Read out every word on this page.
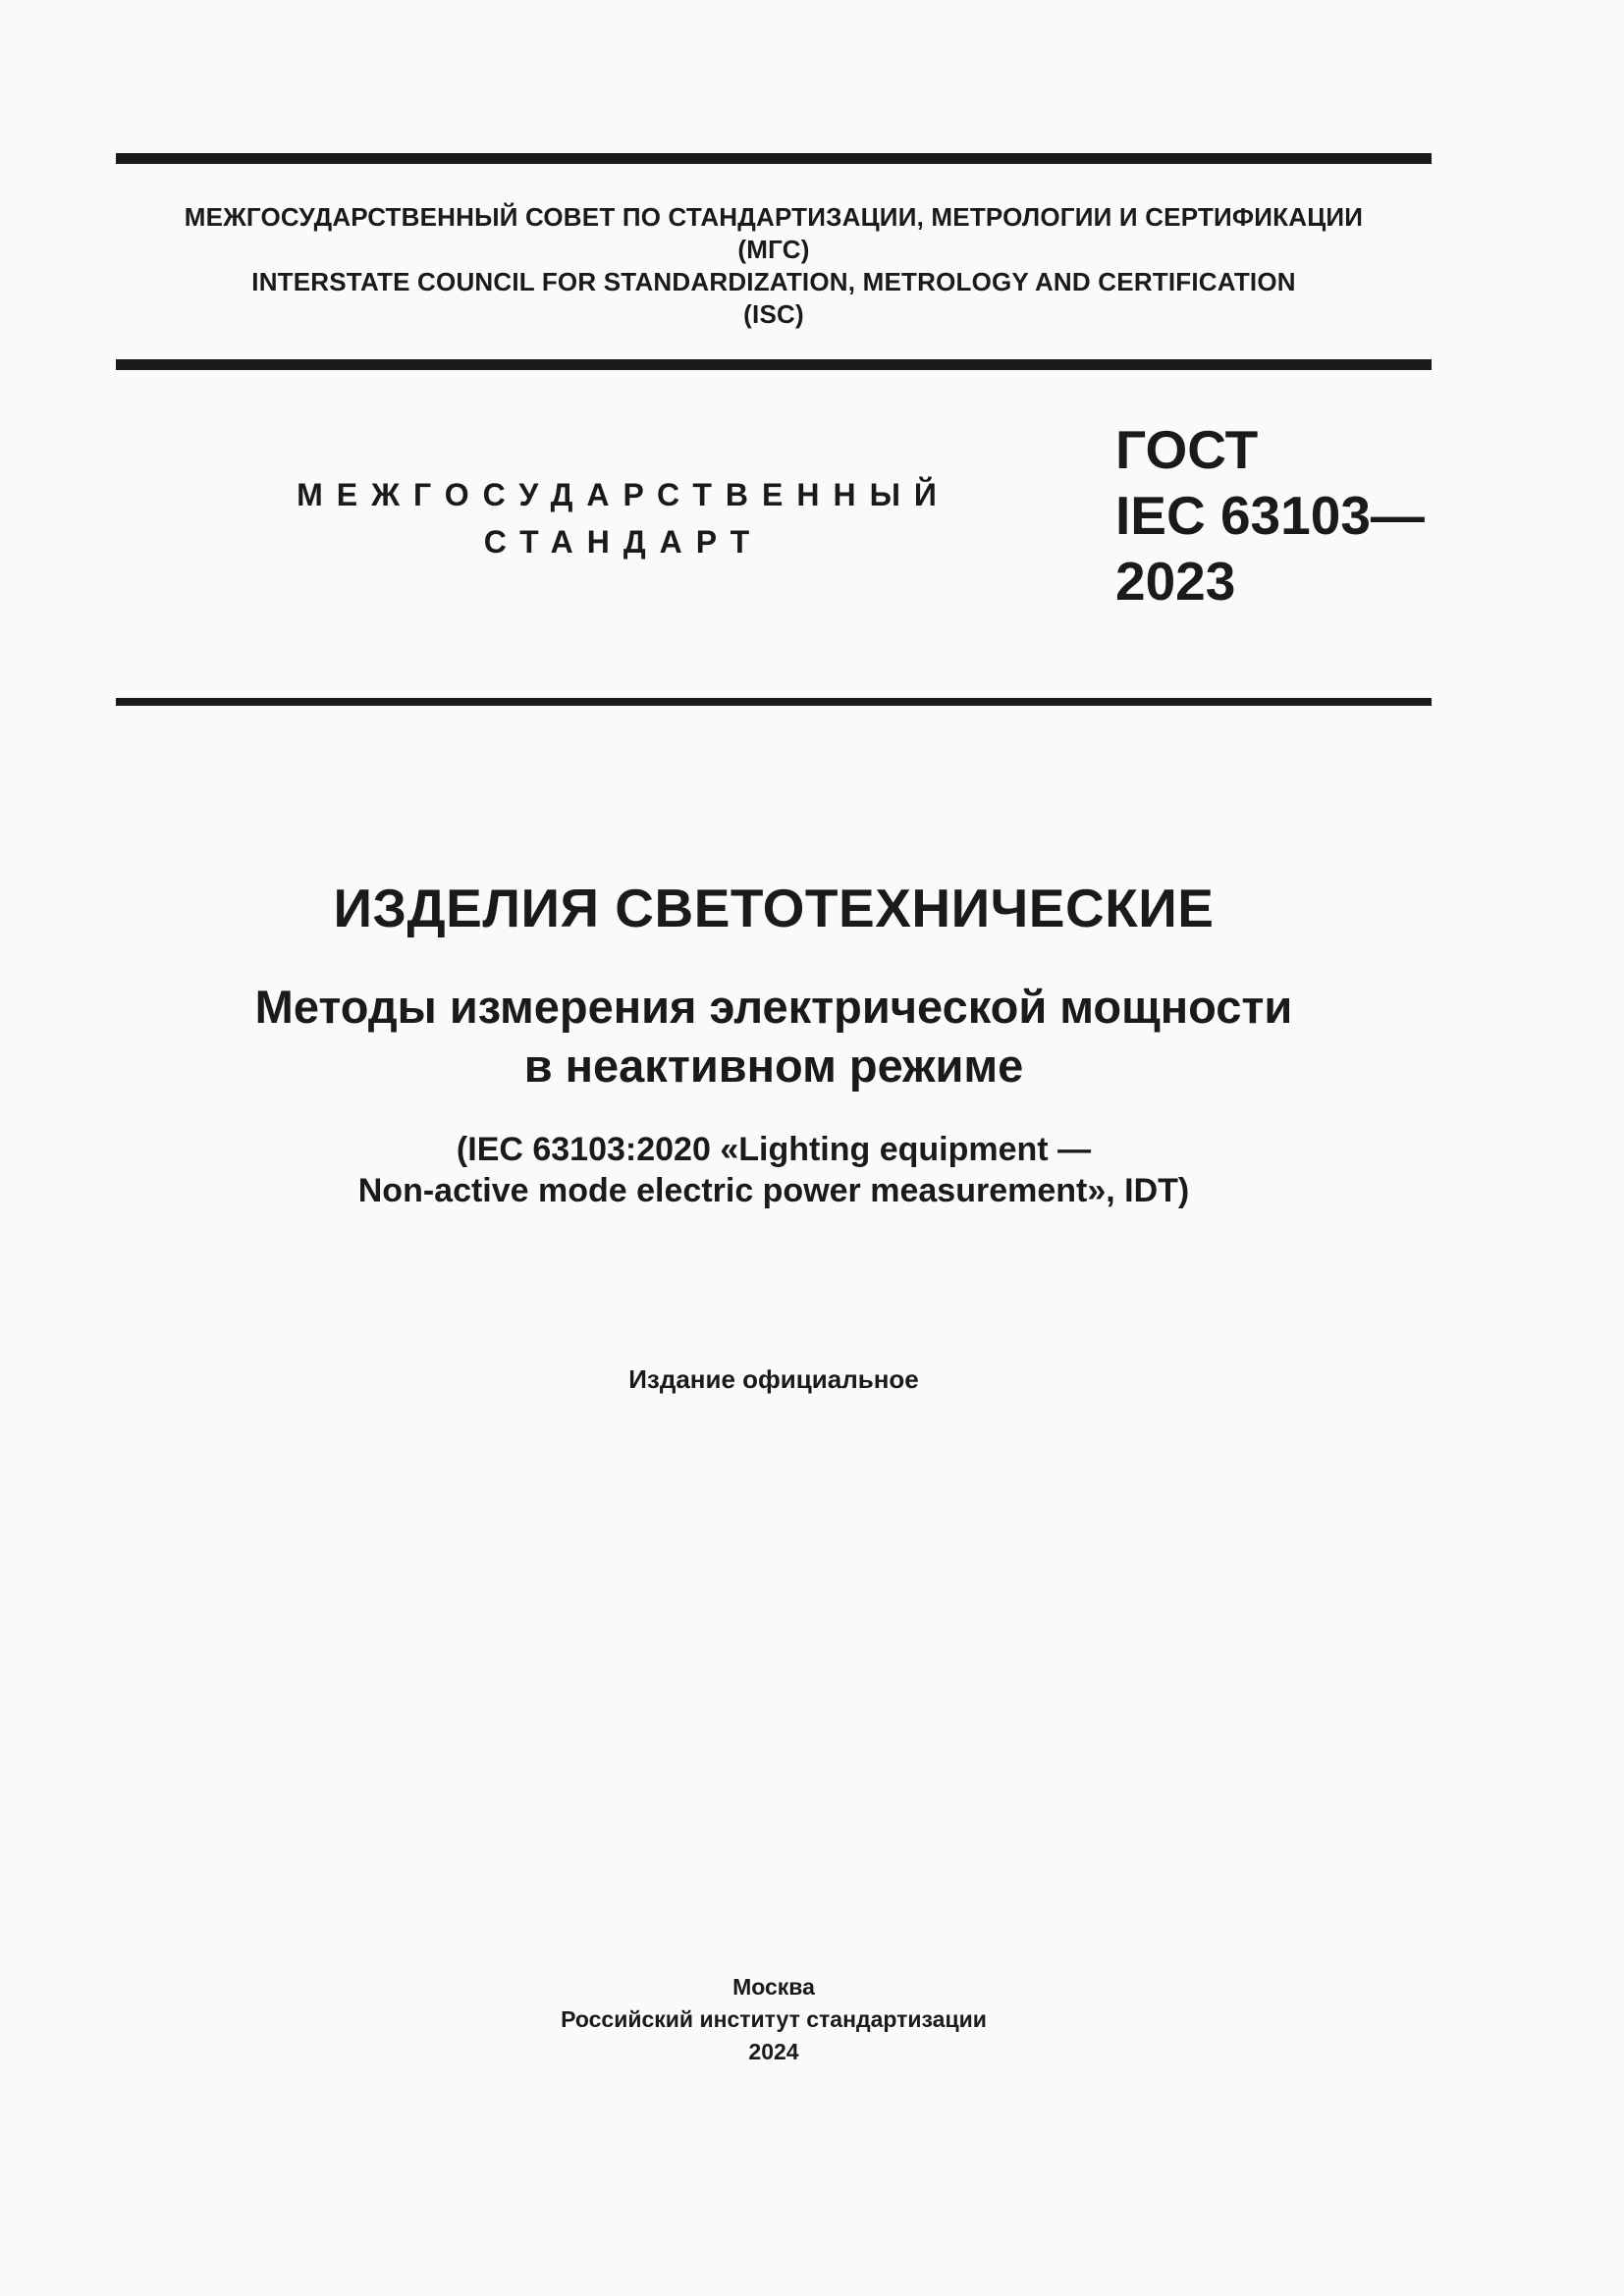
МЕЖГОСУДАРСТВЕННЫЙ СОВЕТ ПО СТАНДАРТИЗАЦИИ, МЕТРОЛОГИИ И СЕРТИФИКАЦИИ
(МГС)
INTERSTATE COUNCIL FOR STANDARDIZATION, METROLOGY AND CERTIFICATION
(ISC)
МЕЖГОСУДАРСТВЕННЫЙ
СТАНДАРТ
ГОСТ
IEC 63103—
2023
ИЗДЕЛИЯ СВЕТОТЕХНИЧЕСКИЕ
Методы измерения электрической мощности
в неактивном режиме
(IEC 63103:2020 «Lighting equipment —
Non-active mode electric power measurement», IDT)
Издание официальное
Москва
Российский институт стандартизации
2024
